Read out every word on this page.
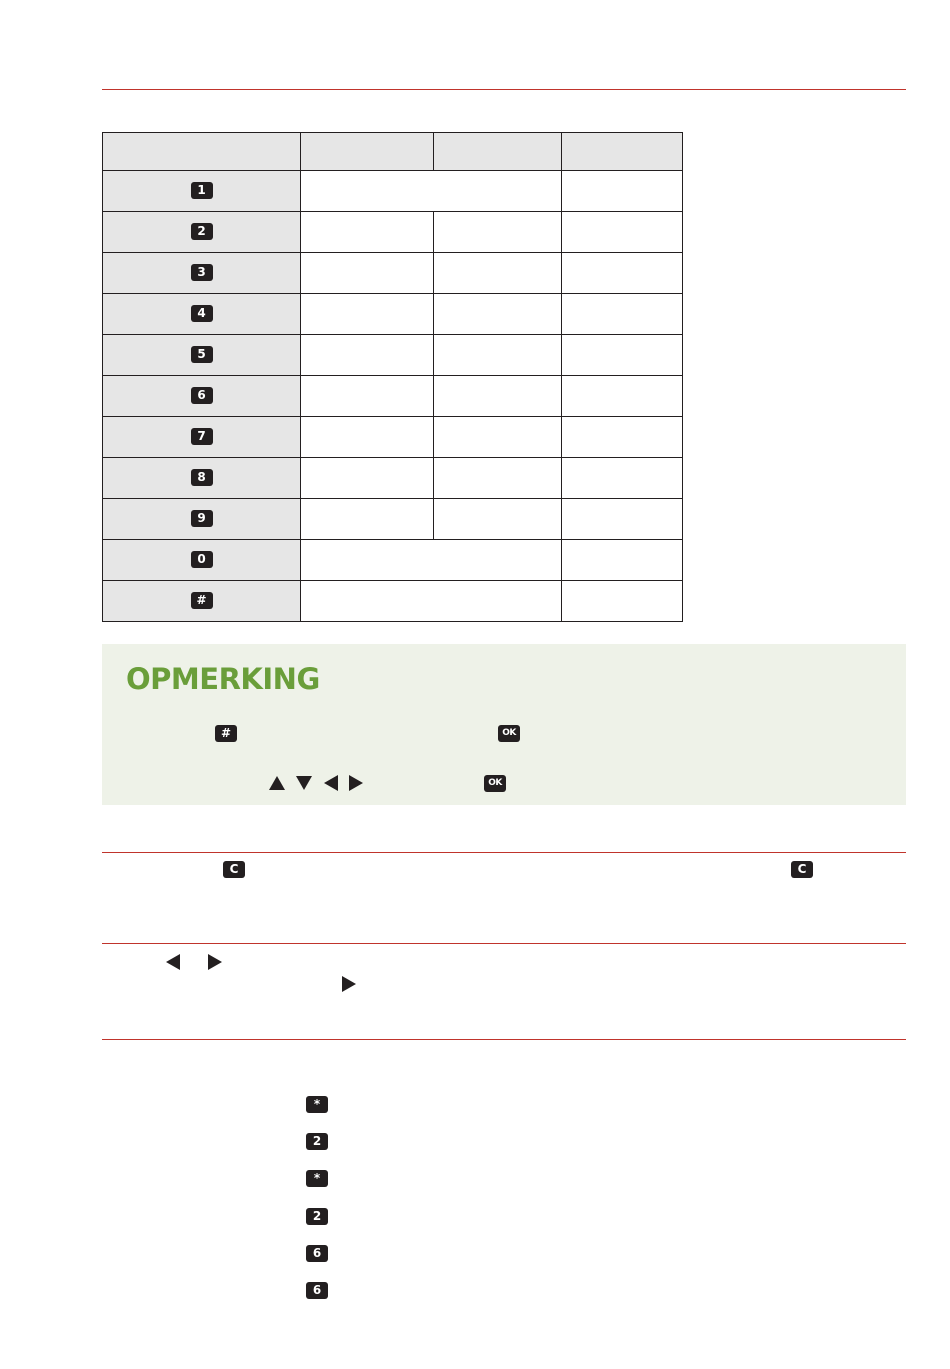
1			
2			
3			
4			
5			
6			
7			
8			
9			
0			
#			
OPMERKING
#	OK
OK
C	C
*
2
*
2
6
6
